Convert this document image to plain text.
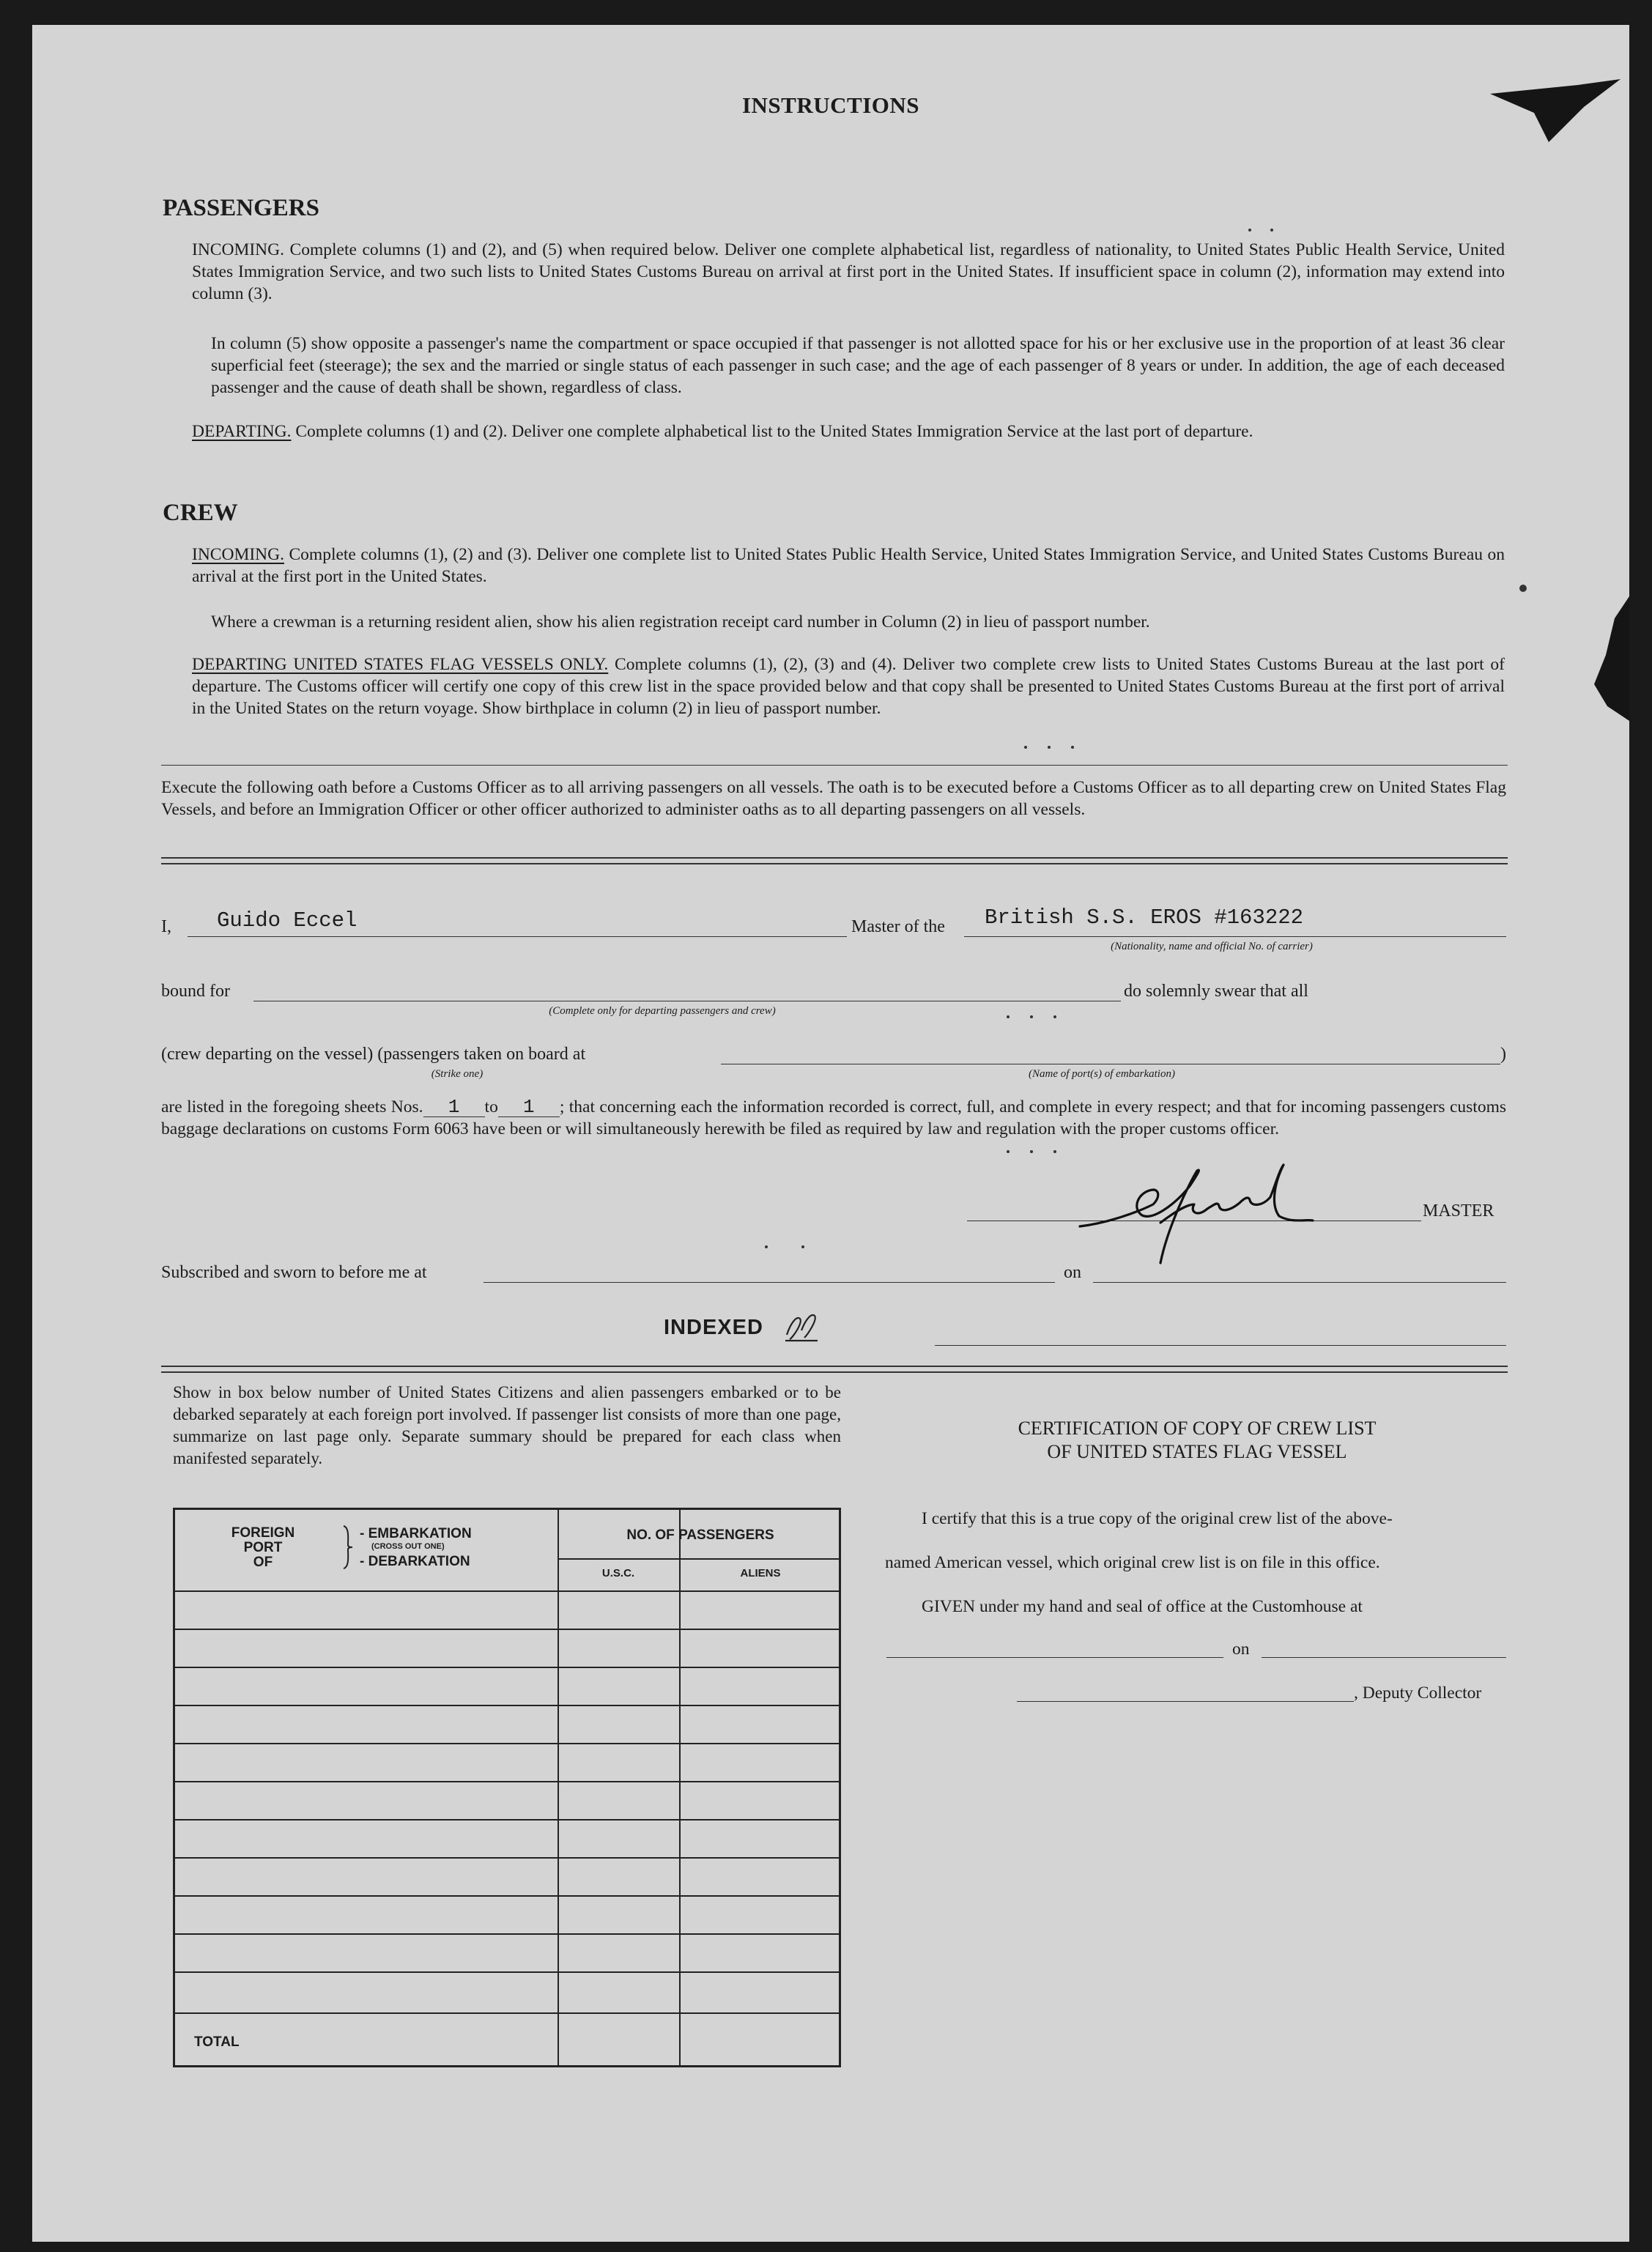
INSTRUCTIONS
PASSENGERS
INCOMING. Complete columns (1) and (2), and (5) when required below. Deliver one complete alphabetical list, regardless of nationality, to United States Public Health Service, United States Immigration Service, and two such lists to United States Customs Bureau on arrival at first port in the United States. If insufficient space in column (2), information may extend into column (3).
In column (5) show opposite a passenger's name the compartment or space occupied if that passenger is not allotted space for his or her exclusive use in the proportion of at least 36 clear superficial feet (steerage); the sex and the married or single status of each passenger in such case; and the age of each passenger of 8 years or under. In addition, the age of each deceased passenger and the cause of death shall be shown, regardless of class.
DEPARTING. Complete columns (1) and (2). Deliver one complete alphabetical list to the United States Immigration Service at the last port of departure.
CREW
INCOMING. Complete columns (1), (2) and (3). Deliver one complete list to United States Public Health Service, United States Immigration Service, and United States Customs Bureau on arrival at the first port in the United States.
Where a crewman is a returning resident alien, show his alien registration receipt card number in Column (2) in lieu of passport number.
DEPARTING UNITED STATES FLAG VESSELS ONLY. Complete columns (1), (2), (3) and (4). Deliver two complete crew lists to United States Customs Bureau at the last port of departure. The Customs officer will certify one copy of this crew list in the space provided below and that copy shall be presented to United States Customs Bureau at the first port of arrival in the United States on the return voyage. Show birthplace in column (2) in lieu of passport number.
Execute the following oath before a Customs Officer as to all arriving passengers on all vessels. The oath is to be executed before a Customs Officer as to all departing crew on United States Flag Vessels, and before an Immigration Officer or other officer authorized to administer oaths as to all departing passengers on all vessels.
I, Guido Eccel	Master of the British S.S. EROS #163222
(Nationality, name and official No. of carrier)
bound for
(Complete only for departing passengers and crew)
do solemnly swear that all
(crew departing on the vessel) (passengers taken on board at	)
(Strike one)	(Name of port(s) of embarkation)
are listed in the foregoing sheets Nos. 1 to 1 ; that concerning each the information recorded is correct, full, and complete in every respect; and that for incoming passengers customs baggage declarations on customs Form 6063 have been or will simultaneously herewith be filed as required by law and regulation with the proper customs officer.
MASTER
Subscribed and sworn to before me at	on
INDEXED
Show in box below number of United States Citizens and alien passengers embarked or to be debarked separately at each foreign port involved. If passenger list consists of more than one page, summarize on last page only. Separate summary should be prepared for each class when manifested separately.
FOREIGN
PORT
OF
- EMBARKATION
(CROSS OUT ONE)
- DEBARKATION
NO. OF PASSENGERS
U.S.C.	ALIENS
TOTAL
CERTIFICATION OF COPY OF CREW LIST
OF UNITED STATES FLAG VESSEL
I certify that this is a true copy of the original crew list of the above-
named American vessel, which original crew list is on file in this office.
GIVEN under my hand and seal of office at the Customhouse at
on
, Deputy Collector
